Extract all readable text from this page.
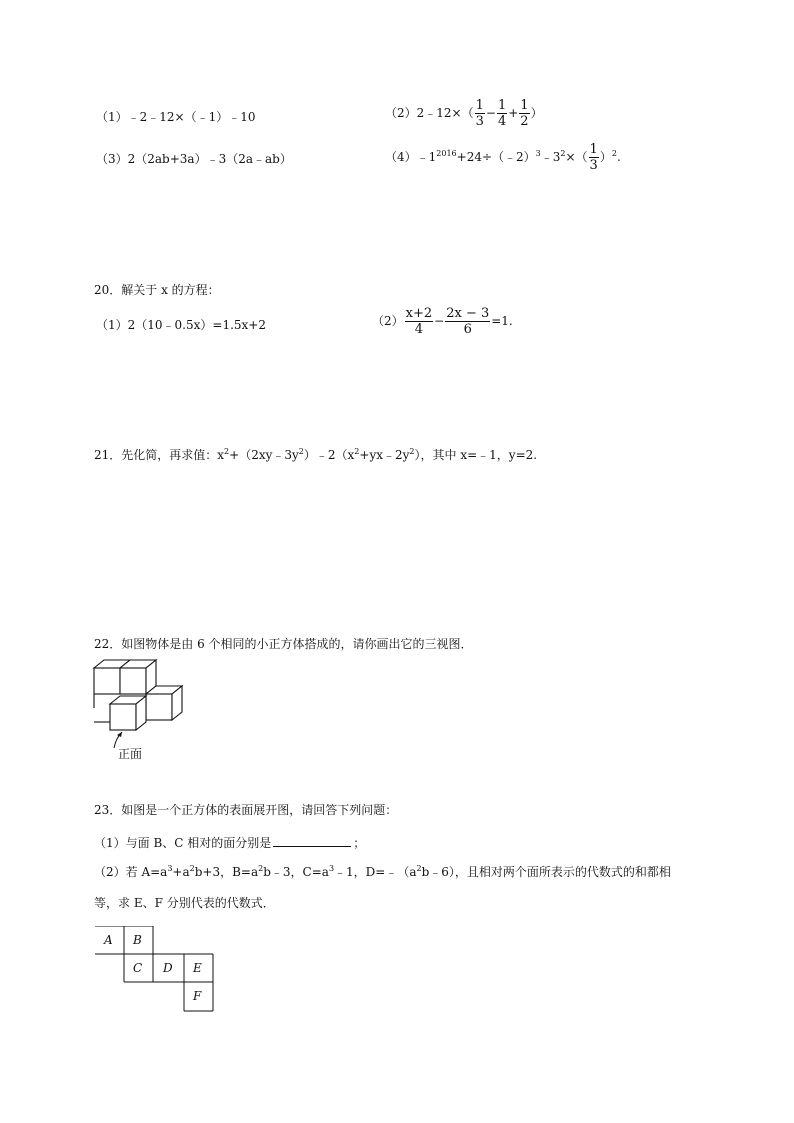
（1）﹣2﹣12×（﹣1）﹣10	（2）2﹣12×（ $\frac{1}{3} - \frac{1}{4} + \frac{1}{2}$ ）
（3）2（2ab+3a）﹣3（2a﹣ab）	$(4)﹣1^{2016}+24\div(﹣2)^3﹣3^2\times( \frac{1}{3} )^2$.
20．解关于 x 的方程：
（1）2（10﹣0.5x）=1.5x+2	$(2) \frac{x+2}{4} - \frac{2x - 3}{6} =1$.
21．先化简，再求值：$x^2+(2xy﹣3y^2)﹣2(x^2+yx﹣2y^2)$，其中 x=﹣1，y=2.
22．如图物体是由 6 个相同的小正方体搭成的，请你画出它的三视图．
正面
23．如图是一个正方体的表面展开图，请回答下列问题：
（1）与面 B、C 相对的面分别是	；
（2）若 $A=a^3+a^2b+3$，$B=a^2b﹣3$，$C=a^3﹣1$，$D=﹣(a^2b﹣6)$，且相对两个面所表示的代数式的和都相
等，求 E、F 分别代表的代数式．
A B
C D E
F
